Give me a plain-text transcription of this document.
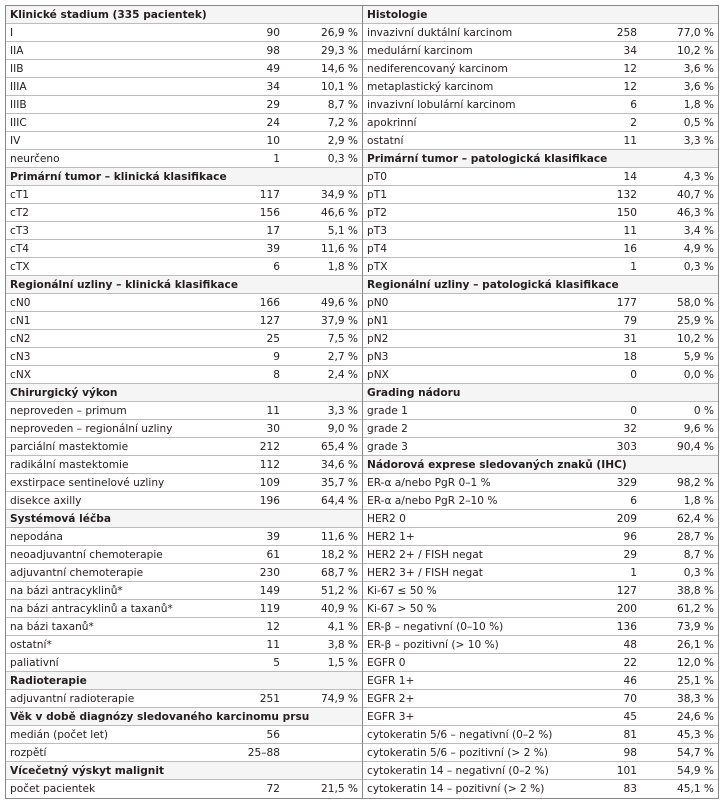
Klinické stadium (335 pacientek)
I	90	26,9 %
IIA	98	29,3 %
IIB	49	14,6 %
IIIA	34	10,1 %
IIIB	29	8,7 %
IIIC	24	7,2 %
IV	10	2,9 %
neurčeno	1	0,3 %
Primární tumor – klinická klasifikace
cT1	117	34,9 %
cT2	156	46,6 %
cT3	17	5,1 %
cT4	39	11,6 %
cTX	6	1,8 %
Regionální uzliny – klinická klasifikace
cN0	166	49,6 %
cN1	127	37,9 %
cN2	25	7,5 %
cN3	9	2,7 %
cNX	8	2,4 %
Chirurgický výkon
neproveden – primum	11	3,3 %
neproveden – regionální uzliny	30	9,0 %
parciální mastektomie	212	65,4 %
radikální mastektomie	112	34,6 %
exstirpace sentinelové uzliny	109	35,7 %
disekce axilly	196	64,4 %
Systémová léčba
nepodána	39	11,6 %
neoadjuvantní chemoterapie	61	18,2 %
adjuvantní chemoterapie	230	68,7 %
na bázi antracyklinů*	149	51,2 %
na bázi antracyklinů a taxanů*	119	40,9 %
na bázi taxanů*	12	4,1 %
ostatní*	11	3,8 %
paliativní	5	1,5 %
Radioterapie
adjuvantní radioterapie	251	74,9 %
Věk v době diagnózy sledovaného karcinomu prsu
medián (počet let)	56
rozpětí	25–88
Vícečetný výskyt malignit
počet pacientek	72	21,5 %
Histologie
invazivní duktální karcinom	258	77,0 %
medulární karcinom	34	10,2 %
nediferencovaný karcinom	12	3,6 %
metaplastický karcinom	12	3,6 %
invazivní lobulární karcinom	6	1,8 %
apokrinní	2	0,5 %
ostatní	11	3,3 %
Primární tumor – patologická klasifikace
pT0	14	4,3 %
pT1	132	40,7 %
pT2	150	46,3 %
pT3	11	3,4 %
pT4	16	4,9 %
pTX	1	0,3 %
Regionální uzliny – patologická klasifikace
pN0	177	58,0 %
pN1	79	25,9 %
pN2	31	10,2 %
pN3	18	5,9 %
pNX	0	0,0 %
Grading nádoru
grade 1	0	0 %
grade 2	32	9,6 %
grade 3	303	90,4 %
Nádorová exprese sledovaných znaků (IHC)
ER-α a/nebo PgR 0–1 %	329	98,2 %
ER-α a/nebo PgR 2–10 %	6	1,8 %
HER2 0	209	62,4 %
HER2 1+	96	28,7 %
HER2 2+ / FISH negat	29	8,7 %
HER2 3+ / FISH negat	1	0,3 %
Ki-67 ≤ 50 %	127	38,8 %
Ki-67 > 50 %	200	61,2 %
ER-β – negativní (0–10 %)	136	73,9 %
ER-β – pozitivní (> 10 %)	48	26,1 %
EGFR 0	22	12,0 %
EGFR 1+	46	25,1 %
EGFR 2+	70	38,3 %
EGFR 3+	45	24,6 %
cytokeratin 5/6 – negativní (0–2 %)	81	45,3 %
cytokeratin 5/6 – pozitivní (> 2 %)	98	54,7 %
cytokeratin 14 – negativní (0–2 %)	101	54,9 %
cytokeratin 14 – pozitivní (> 2 %)	83	45,1 %
